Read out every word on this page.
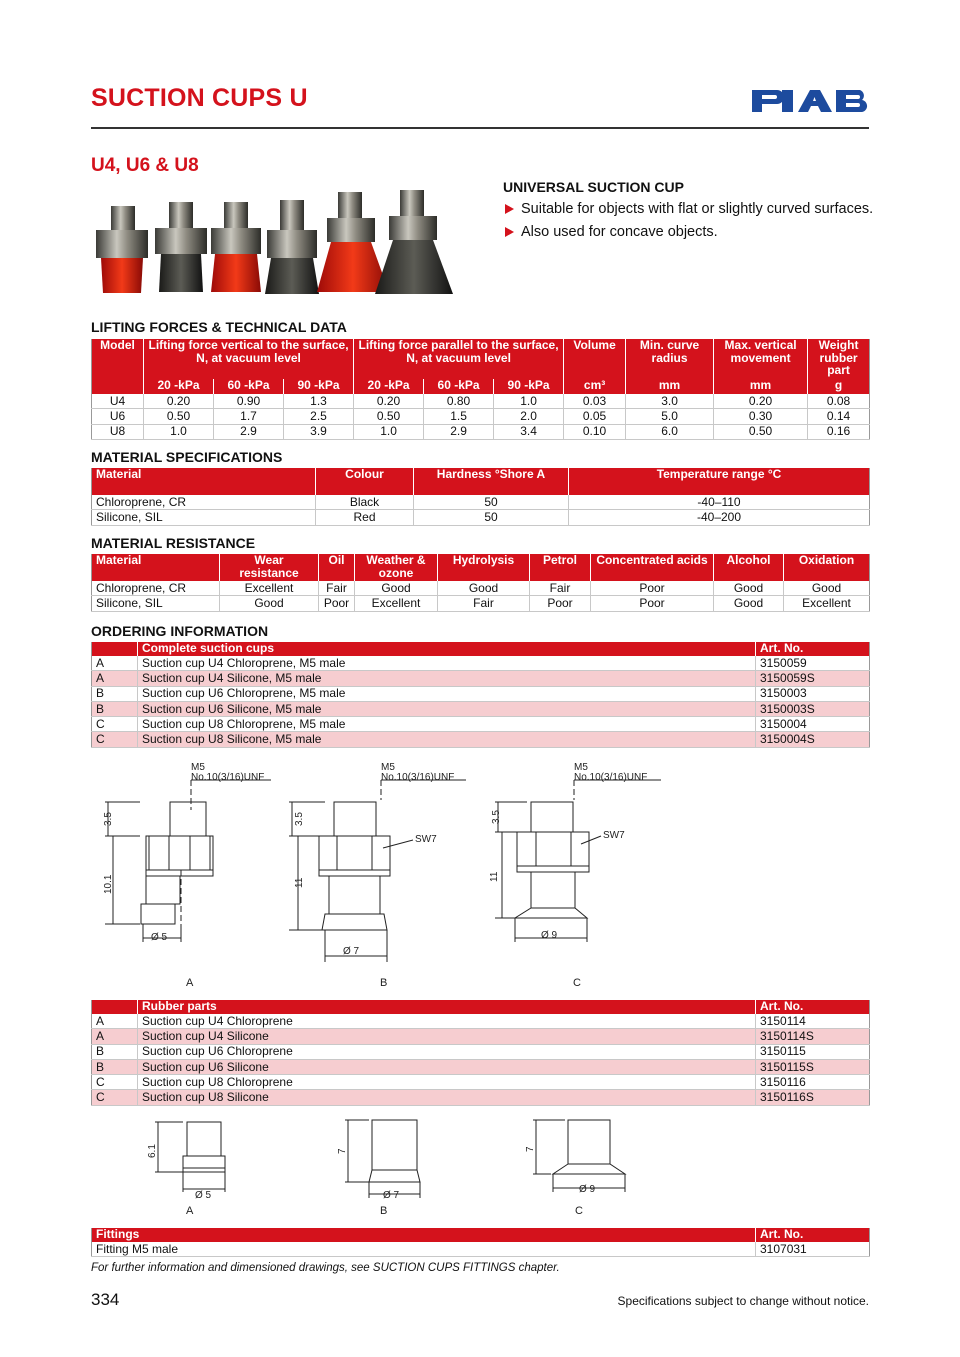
SUCTION CUPS U
U4, U6 & U8
UNIVERSAL SUCTION CUP
Suitable for objects with flat or slightly curved surfaces.
Also used for concave objects.
LIFTING FORCES & TECHNICAL DATA
Model	Lifting force vertical to the surface, N, at vacuum level			Lifting force parallel to the surface, N, at vacuum level			Volume	Min. curve radius	Max. vertical movement	Weight rubber part
	20 -kPa	60 -kPa	90 -kPa	20 -kPa	60 -kPa	90 -kPa	cm³	mm	mm	g
U4	0.20	0.90	1.3	0.20	0.80	1.0	0.03	3.0	0.20	0.08
U6	0.50	1.7	2.5	0.50	1.5	2.0	0.05	5.0	0.30	0.14
U8	1.0	2.9	3.9	1.0	2.9	3.4	0.10	6.0	0.50	0.16
MATERIAL SPECIFICATIONS
Material	Colour	Hardness °Shore A	Temperature range °C
Chloroprene, CR	Black	50	-40–110
Silicone, SIL	Red	50	-40–200
MATERIAL RESISTANCE
Material	Wear resistance	Oil	Weather & ozone	Hydrolysis	Petrol	Concentrated acids	Alcohol	Oxidation
Chloroprene, CR	Excellent	Fair	Good	Good	Fair	Poor	Good	Good
Silicone, SIL	Good	Poor	Excellent	Fair	Poor	Poor	Good	Excellent
ORDERING INFORMATION
	Complete suction cups	Art. No.
A	Suction cup U4 Chloroprene, M5 male	3150059
A	Suction cup U4 Silicone, M5 male	3150059S
B	Suction cup U6 Chloroprene, M5 male	3150003
B	Suction cup U6 Silicone, M5 male	3150003S
C	Suction cup U8 Chloroprene, M5 male	3150004
C	Suction cup U8 Silicone, M5 male	3150004S
M5
No.10(3/16)UNF
M5
No.10(3/16)UNF
M5
No.10(3/16)UNF
SW7	SW7
3.5
10.1
Ø 5
A
3.5
11
Ø 7
B
3.5
11
Ø 9
C
	Rubber parts	Art. No.
A	Suction cup U4 Chloroprene	3150114
A	Suction cup U4 Silicone	3150114S
B	Suction cup U6 Chloroprene	3150115
B	Suction cup U6 Silicone	3150115S
C	Suction cup U8 Chloroprene	3150116
C	Suction cup U8 Silicone	3150116S
6.1
Ø 5
A
7
Ø 7
B
7
Ø 9
C
Fittings	Art. No.
Fitting M5 male	3107031

For further information and dimensioned drawings, see SUCTION CUPS FITTINGS chapter.

334	Specifications subject to change without notice.
